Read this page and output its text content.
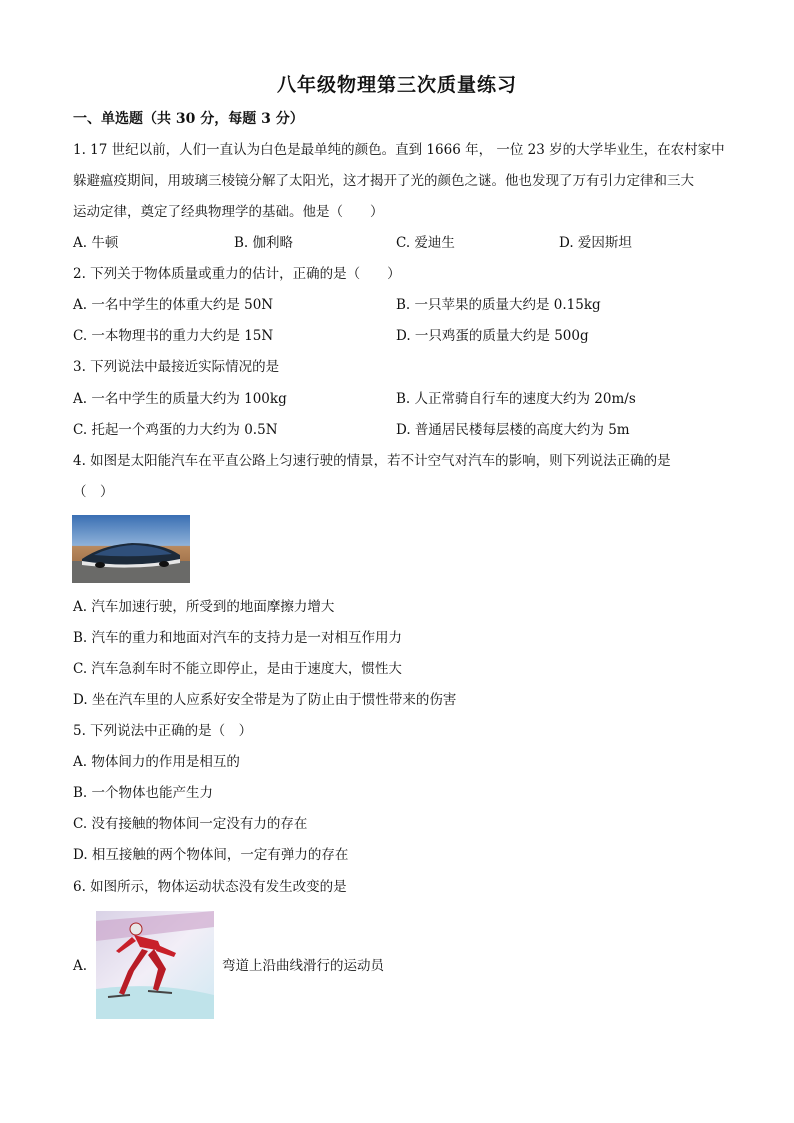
八年级物理第三次质量练习
一、单选题（共 30 分，每题 3 分）
1. 17 世纪以前，人们一直认为白色是最单纯的颜色。直到 1666 年， 一位 23 岁的大学毕业生，在农村家中
躲避瘟疫期间，用玻璃三棱镜分解了太阳光，这才揭开了光的颜色之谜。他也发现了万有引力定律和三大
运动定律，奠定了经典物理学的基础。他是（　　）
A. 牛顿	B. 伽利略	C. 爱迪生	D. 爱因斯坦
2. 下列关于物体质量或重力的估计，正确的是（　　）
A. 一名中学生的体重大约是 50N	B. 一只苹果的质量大约是 0.15kg
C. 一本物理书的重力大约是 15N	D. 一只鸡蛋的质量大约是 500g
3. 下列说法中最接近实际情况的是
A. 一名中学生的质量大约为 100kg	B. 人正常骑自行车的速度大约为 20m/s
C. 托起一个鸡蛋的力大约为 0.5N	D. 普通居民楼每层楼的高度大约为 5m
4. 如图是太阳能汽车在平直公路上匀速行驶的情景，若不计空气对汽车的影响，则下列说法正确的是
（　）
A. 汽车加速行驶，所受到的地面摩擦力增大
B. 汽车的重力和地面对汽车的支持力是一对相互作用力
C. 汽车急刹车时不能立即停止，是由于速度大，惯性大
D. 坐在汽车里的人应系好安全带是为了防止由于惯性带来的伤害
5. 下列说法中正确的是（　）
A. 物体间力的作用是相互的
B. 一个物体也能产生力
C. 没有接触的物体间一定没有力的存在
D. 相互接触的两个物体间，一定有弹力的存在
6. 如图所示，物体运动状态没有发生改变的是
A.	弯道上沿曲线滑行的运动员
